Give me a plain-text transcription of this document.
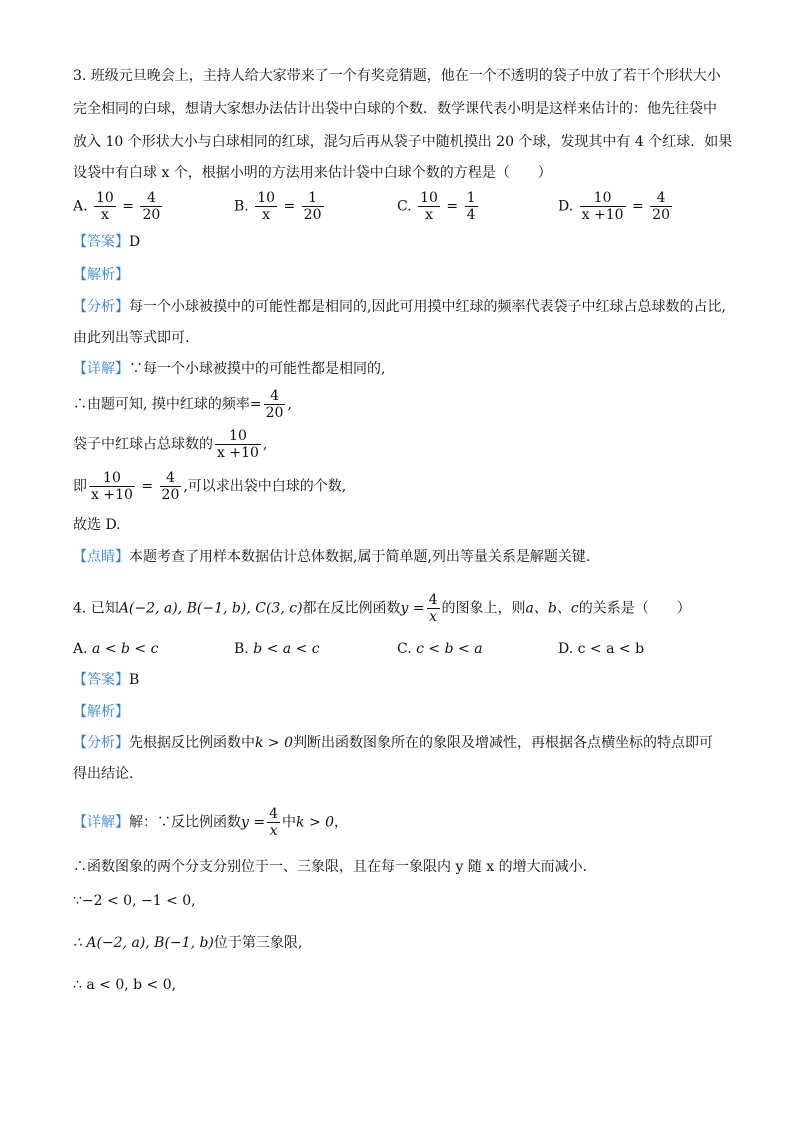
3. 班级元旦晚会上，主持人给大家带来了一个有奖竞猜题，他在一个不透明的袋子中放了若干个形状大小
完全相同的白球，想请大家想办法估计出袋中白球的个数．数学课代表小明是这样来估计的：他先往袋中
放入 10 个形状大小与白球相同的红球，混匀后再从袋子中随机摸出 20 个球，发现其中有 4 个红球．如果
设袋中有白球 x 个，根据小明的方法用来估计袋中白球个数的方程是（　　）
A. $\frac{10}{x} = \frac{4}{20}$	B. $\frac{10}{x} = \frac{1}{20}$	C. $\frac{10}{x} = \frac{1}{4}$	D. $\frac{10}{x +10} = \frac{4}{20}$
【答案】D
【解析】
【分析】每一个小球被摸中的可能性都是相同的,因此可用摸中红球的频率代表袋子中红球占总球数的占比,
由此列出等式即可.
【详解】∵每一个小球被摸中的可能性都是相同的,
∴由题可知, 摸中红球的频率= $\frac{4}{20}$ ,
袋子中红球占总球数的 $\frac{10}{x +10}$ ,
即 $\frac{10}{x +10} = \frac{4}{20}$ ,可以求出袋中白球的个数,
故选 D.
【点睛】本题考查了用样本数据估计总体数据,属于简单题,列出等量关系是解题关键.
4. 已知A(−2, a), B(−1, b), C(3, c)都在反比例函数$y = \frac{4}{x}$ 的图象上，则a、b、c的关系是（　　）
A. a < b < c	B. b < a < c	C. c < b < a	D. c < a < b
【答案】B
【解析】
【分析】先根据反比例函数中k > 0判断出函数图象所在的象限及增减性，再根据各点横坐标的特点即可
得出结论．
【详解】解：∵反比例函数$y = \frac{4}{x}$ 中k > 0，
∴函数图象的两个分支分别位于一、三象限，且在每一象限内 y 随 x 的增大而减小．
∵−2 < 0, −1 < 0,
∴ A(−2, a), B(−1, b)位于第三象限,
∴ a < 0, b < 0,
